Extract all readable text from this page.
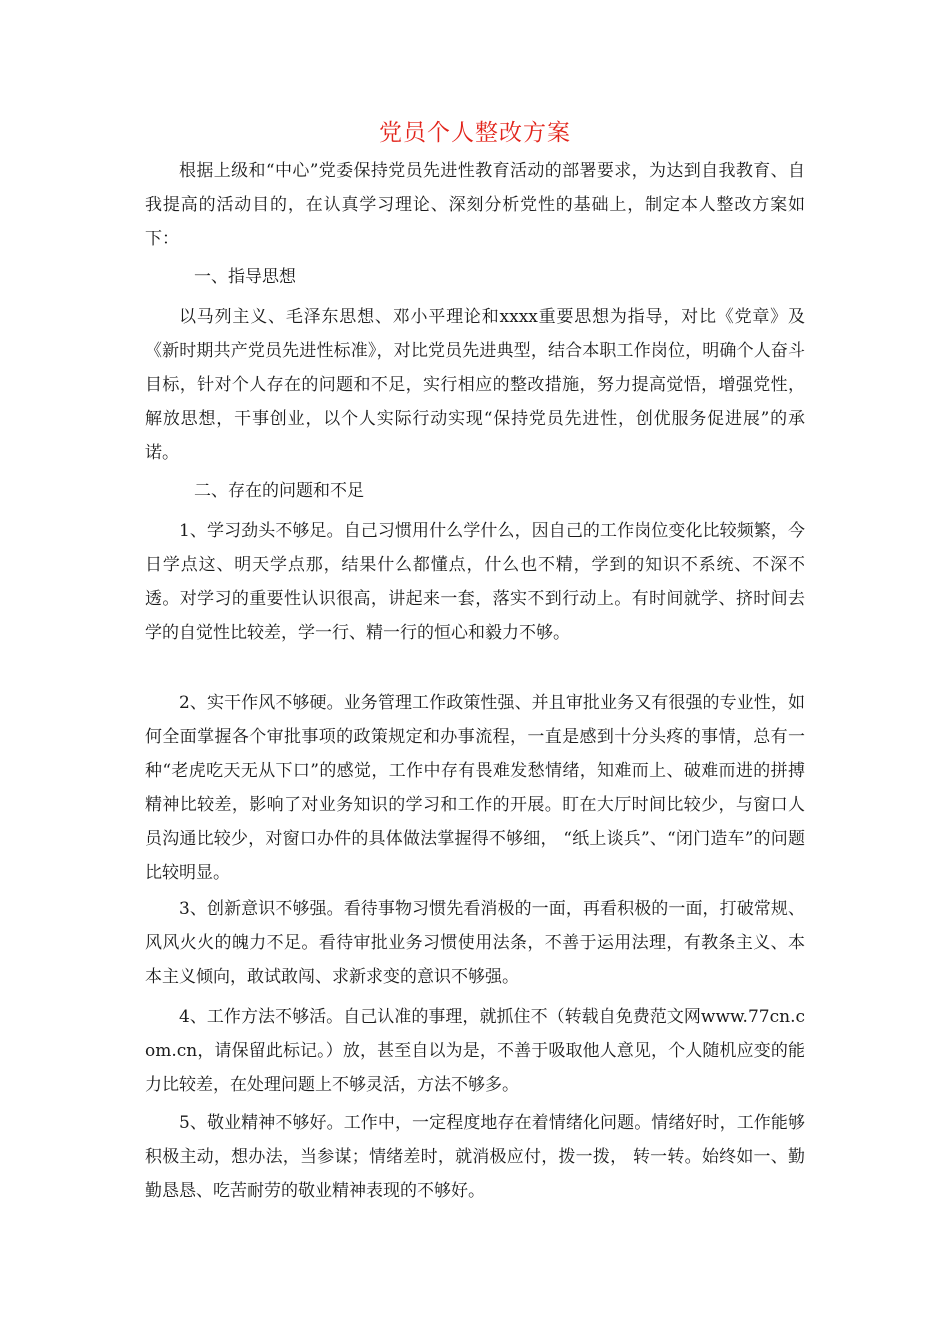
党员个人整改方案

根据上级和“中心”党委保持党员先进性教育活动的部署要求，为达到自我教育、自我提高的活动目的，在认真学习理论、深刻分析党性的基础上，制定本人整改方案如下：

一、指导思想

以马列主义、毛泽东思想、邓小平理论和xxxx重要思想为指导，对比《党章》及《新时期共产党员先进性标准》，对比党员先进典型，结合本职工作岗位，明确个人奋斗目标，针对个人存在的问题和不足，实行相应的整改措施，努力提高觉悟，增强党性，解放思想，干事创业，以个人实际行动实现“保持党员先进性，创优服务促进展”的承诺。

二、存在的问题和不足

1、学习劲头不够足。自己习惯用什么学什么，因自己的工作岗位变化比较频繁，今日学点这、明天学点那，结果什么都懂点，什么也不精，学到的知识不系统、不深不透。对学习的重要性认识很高，讲起来一套，落实不到行动上。有时间就学、挤时间去学的自觉性比较差，学一行、精一行的恒心和毅力不够。

2、实干作风不够硬。业务管理工作政策性强、并且审批业务又有很强的专业性，如何全面掌握各个审批事项的政策规定和办事流程，一直是感到十分头疼的事情，总有一种“老虎吃天无从下口”的感觉，工作中存有畏难发愁情绪，知难而上、破难而进的拼搏精神比较差，影响了对业务知识的学习和工作的开展。盯在大厅时间比较少，与窗口人员沟通比较少，对窗口办件的具体做法掌握得不够细， “纸上谈兵”、“闭门造车”的问题比较明显。

3、创新意识不够强。看待事物习惯先看消极的一面，再看积极的一面，打破常规、风风火火的魄力不足。看待审批业务习惯使用法条，不善于运用法理，有教条主义、本本主义倾向，敢试敢闯、求新求变的意识不够强。

4、工作方法不够活。自己认准的事理，就抓住不（转载自免费范文网www.77cn.com.cn，请保留此标记。）放，甚至自以为是，不善于吸取他人意见，个人随机应变的能力比较差，在处理问题上不够灵活，方法不够多。

5、敬业精神不够好。工作中，一定程度地存在着情绪化问题。情绪好时，工作能够积极主动，想办法，当参谋；情绪差时，就消极应付，拨一拨， 转一转。始终如一、勤勤恳恳、吃苦耐劳的敬业精神表现的不够好。
